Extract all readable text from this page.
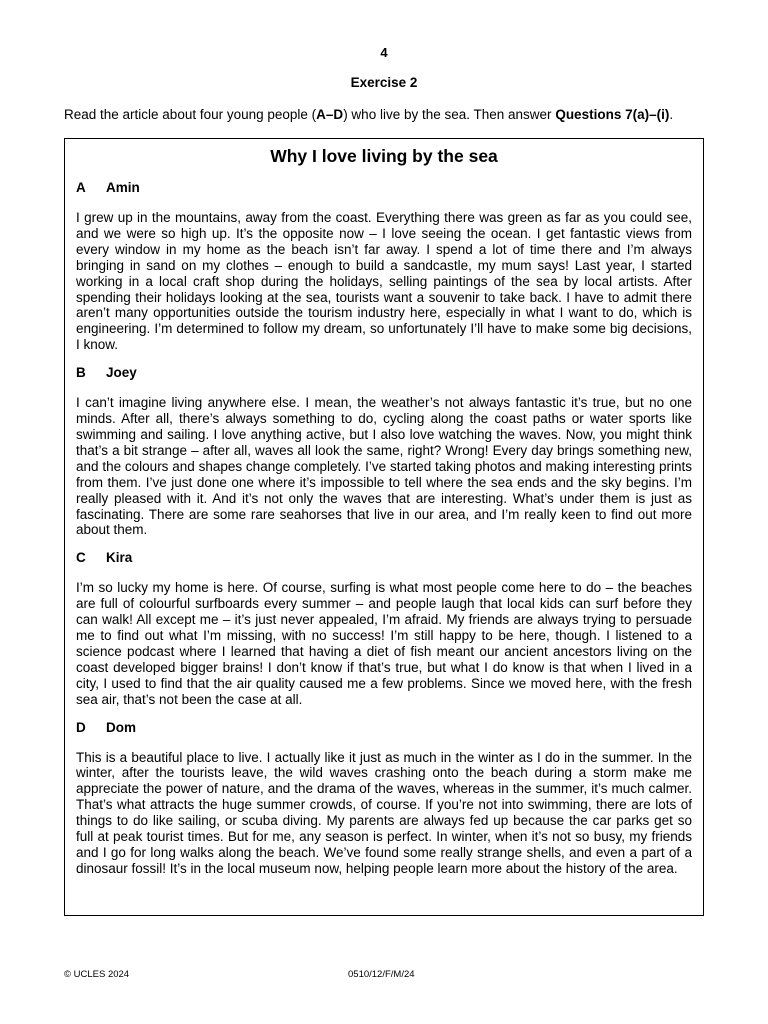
4
Exercise 2
Read the article about four young people (A–D) who live by the sea. Then answer Questions 7(a)–(i).
Why I love living by the sea
A Amin
I grew up in the mountains, away from the coast. Everything there was green as far as you could see, and we were so high up. It’s the opposite now – I love seeing the ocean. I get fantastic views from every window in my home as the beach isn’t far away. I spend a lot of time there and I’m always bringing in sand on my clothes – enough to build a sandcastle, my mum says! Last year, I started working in a local craft shop during the holidays, selling paintings of the sea by local artists. After spending their holidays looking at the sea, tourists want a souvenir to take back. I have to admit there aren’t many opportunities outside the tourism industry here, especially in what I want to do, which is engineering. I’m determined to follow my dream, so unfortunately I’ll have to make some big decisions, I know.
B Joey
I can’t imagine living anywhere else. I mean, the weather’s not always fantastic it’s true, but no one minds. After all, there’s always something to do, cycling along the coast paths or water sports like swimming and sailing. I love anything active, but I also love watching the waves. Now, you might think that’s a bit strange – after all, waves all look the same, right? Wrong! Every day brings something new, and the colours and shapes change completely. I’ve started taking photos and making interesting prints from them. I’ve just done one where it’s impossible to tell where the sea ends and the sky begins. I’m really pleased with it. And it’s not only the waves that are interesting. What’s under them is just as fascinating. There are some rare seahorses that live in our area, and I’m really keen to find out more about them.
C Kira
I’m so lucky my home is here. Of course, surfing is what most people come here to do – the beaches are full of colourful surfboards every summer – and people laugh that local kids can surf before they can walk! All except me – it’s just never appealed, I’m afraid. My friends are always trying to persuade me to find out what I’m missing, with no success! I’m still happy to be here, though. I listened to a science podcast where I learned that having a diet of fish meant our ancient ancestors living on the coast developed bigger brains! I don’t know if that’s true, but what I do know is that when I lived in a city, I used to find that the air quality caused me a few problems. Since we moved here, with the fresh sea air, that’s not been the case at all.
D Dom
This is a beautiful place to live. I actually like it just as much in the winter as I do in the summer. In the winter, after the tourists leave, the wild waves crashing onto the beach during a storm make me appreciate the power of nature, and the drama of the waves, whereas in the summer, it’s much calmer. That’s what attracts the huge summer crowds, of course. If you’re not into swimming, there are lots of things to do like sailing, or scuba diving. My parents are always fed up because the car parks get so full at peak tourist times. But for me, any season is perfect. In winter, when it’s not so busy, my friends and I go for long walks along the beach. We’ve found some really strange shells, and even a part of a dinosaur fossil! It’s in the local museum now, helping people learn more about the history of the area.
© UCLES 2024	0510/12/F/M/24
